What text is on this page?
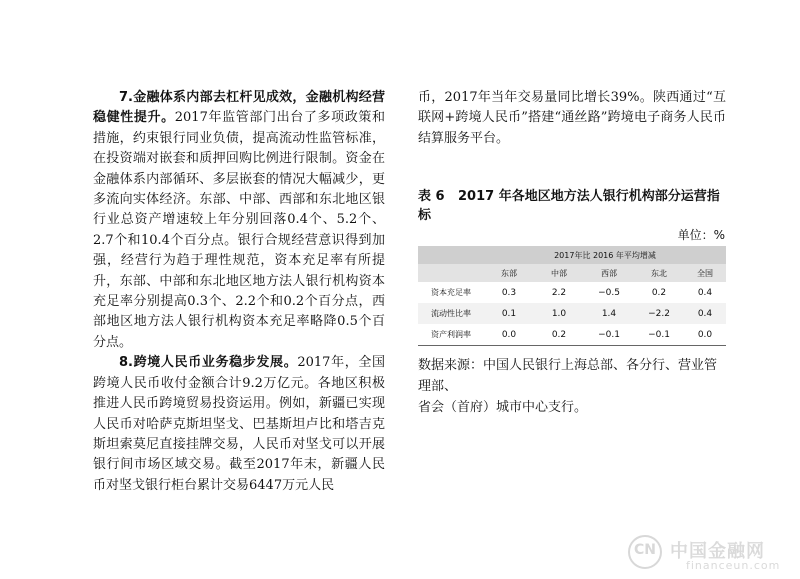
7.金融体系内部去杠杆见成效，金融机构经营稳健性提升。2017年监管部门出台了多项政策和措施，约束银行同业负债，提高流动性监管标准，在投资端对嵌套和质押回购比例进行限制。资金在金融体系内部循环、多层嵌套的情况大幅减少，更多流向实体经济。东部、中部、西部和东北地区银行业总资产增速较上年分别回落0.4个、5.2个、2.7个和10.4个百分点。银行合规经营意识得到加强，经营行为趋于理性规范，资本充足率有所提升，东部、中部和东北地区地方法人银行机构资本充足率分别提高0.3个、2.2个和0.2个百分点，西部地区地方法人银行机构资本充足率略降0.5个百分点。

8.跨境人民币业务稳步发展。2017年，全国跨境人民币收付金额合计9.2万亿元。各地区积极推进人民币跨境贸易投资运用。例如，新疆已实现人民币对哈萨克斯坦坚戈、巴基斯坦卢比和塔吉克斯坦索莫尼直接挂牌交易，人民币对坚戈可以开展银行间市场区域交易。截至2017年末，新疆人民币对坚戈银行柜台累计交易6447万元人民

币，2017年当年交易量同比增长39%。陕西通过“互联网+跨境人民币”搭建“通丝路”跨境电子商务人民币结算服务平台。

表 6 2017 年各地区地方法人银行机构部分运营指标
单位：%
	2017年比 2016 年平均增减				
	东部	中部	西部	东北	全国
资本充足率	0.3	2.2	−0.5	0.2	0.4
流动性比率	0.1	1.0	1.4	−2.2	0.4
资产利润率	0.0	0.2	−0.1	−0.1	0.0

数据来源：中国人民银行上海总部、各分行、营业管理部、

省会（首府）城市中心支行。

CN 中国金融网
financeun.com
